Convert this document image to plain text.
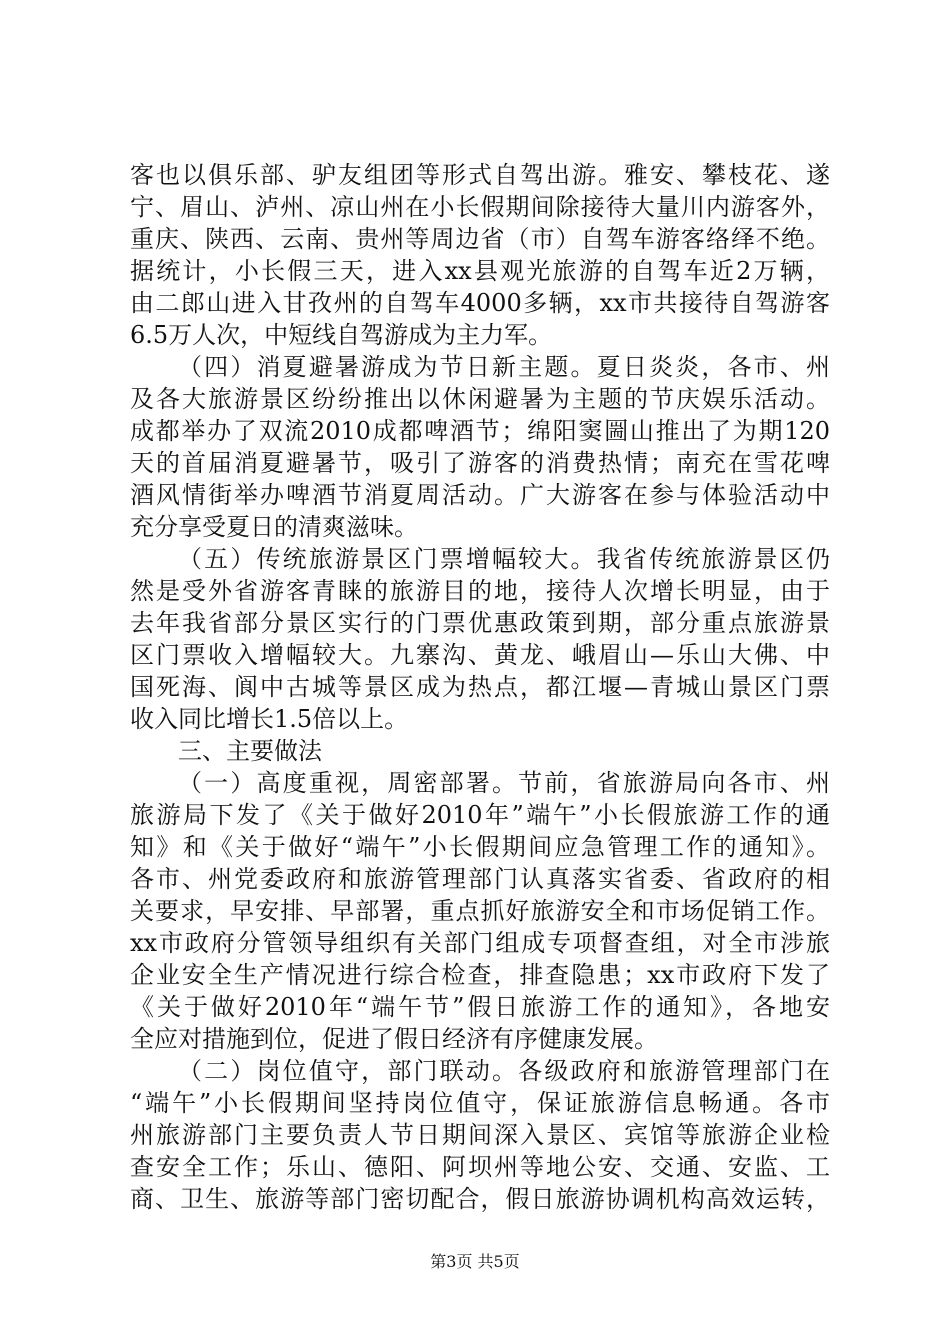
客也以俱乐部、驴友组团等形式自驾出游。雅安、攀枝花、遂
宁、眉山、泸州、凉山州在小长假期间除接待大量川内游客外，
重庆、陕西、云南、贵州等周边省（市）自驾车游客络绎不绝。
据统计，小长假三天，进入xx县观光旅游的自驾车近2万辆，
由二郎山进入甘孜州的自驾车4000多辆，xx市共接待自驾游客
6.5万人次，中短线自驾游成为主力军。
（四）消夏避暑游成为节日新主题。夏日炎炎，各市、州
及各大旅游景区纷纷推出以休闲避暑为主题的节庆娱乐活动。
成都举办了双流2010成都啤酒节；绵阳窦圌山推出了为期120
天的首届消夏避暑节，吸引了游客的消费热情；南充在雪花啤
酒风情街举办啤酒节消夏周活动。广大游客在参与体验活动中
充分享受夏日的清爽滋味。
（五）传统旅游景区门票增幅较大。我省传统旅游景区仍
然是受外省游客青睐的旅游目的地，接待人次增长明显，由于
去年我省部分景区实行的门票优惠政策到期，部分重点旅游景
区门票收入增幅较大。九寨沟、黄龙、峨眉山—乐山大佛、中
国死海、阆中古城等景区成为热点，都江堰—青城山景区门票
收入同比增长1.5倍以上。
三、主要做法
（一）高度重视，周密部署。节前，省旅游局向各市、州
旅游局下发了《关于做好2010年”端午”小长假旅游工作的通
知》和《关于做好“端午”小长假期间应急管理工作的通知》。
各市、州党委政府和旅游管理部门认真落实省委、省政府的相
关要求，早安排、早部署，重点抓好旅游安全和市场促销工作。
xx市政府分管领导组织有关部门组成专项督查组，对全市涉旅
企业安全生产情况进行综合检查，排查隐患；xx市政府下发了
《关于做好2010年“端午节”假日旅游工作的通知》，各地安
全应对措施到位，促进了假日经济有序健康发展。
（二）岗位值守，部门联动。各级政府和旅游管理部门在
“端午”小长假期间坚持岗位值守，保证旅游信息畅通。各市
州旅游部门主要负责人节日期间深入景区、宾馆等旅游企业检
查安全工作；乐山、德阳、阿坝州等地公安、交通、安监、工
商、卫生、旅游等部门密切配合，假日旅游协调机构高效运转，
第3页 共5页
